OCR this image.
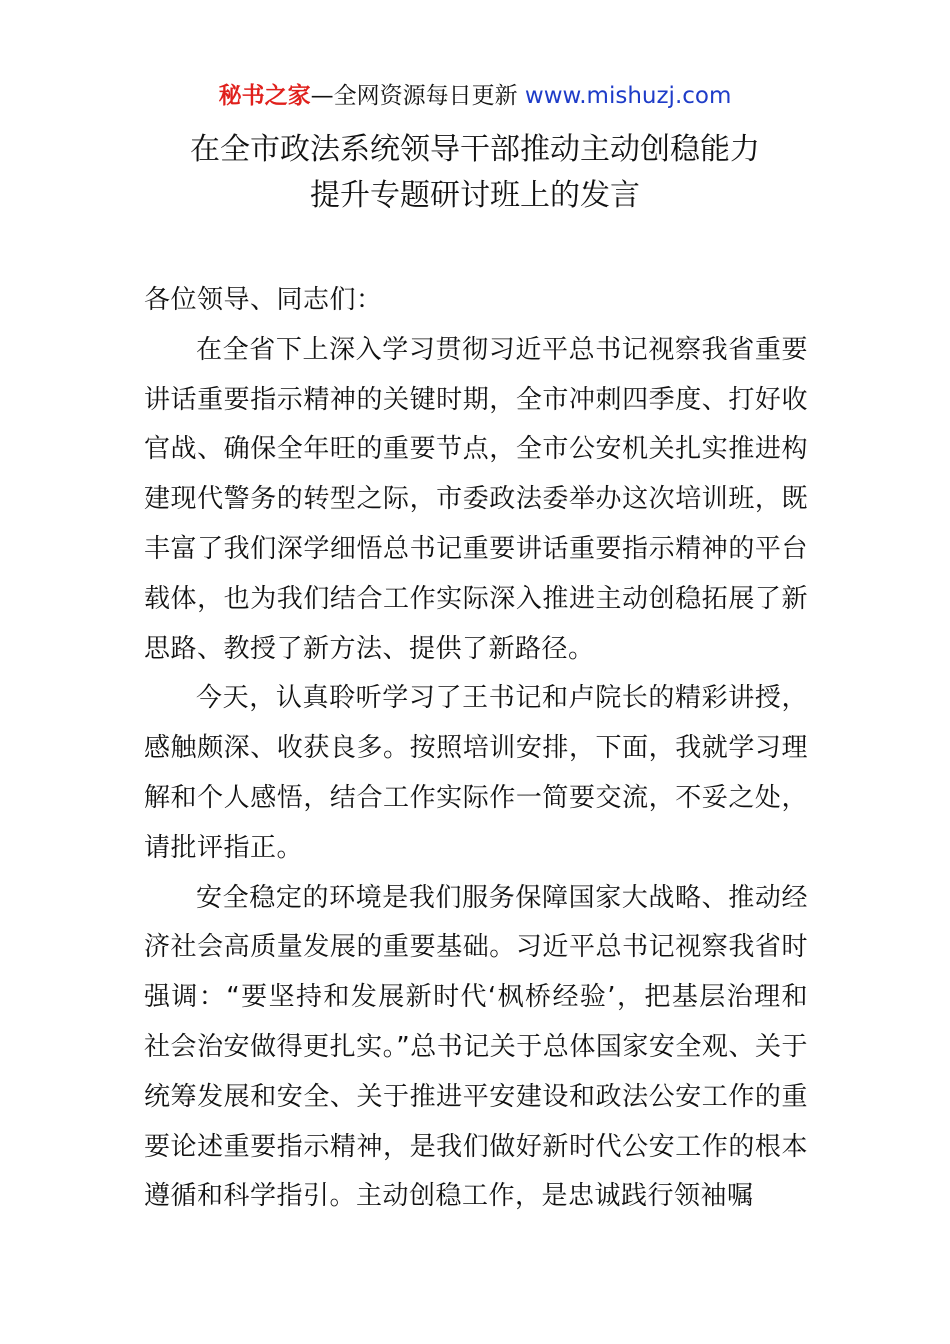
秘书之家—全网资源每日更新 www.mishuzj.com
在全市政法系统领导干部推动主动创稳能力
提升专题研讨班上的发言

各位领导、同志们：

在全省下上深入学习贯彻习近平总书记视察我省重要讲话重要指示精神的关键时期，全市冲刺四季度、打好收官战、确保全年旺的重要节点，全市公安机关扎实推进构建现代警务的转型之际，市委政法委举办这次培训班，既丰富了我们深学细悟总书记重要讲话重要指示精神的平台载体，也为我们结合工作实际深入推进主动创稳拓展了新思路、教授了新方法、提供了新路径。

今天，认真聆听学习了王书记和卢院长的精彩讲授，感触颇深、收获良多。按照培训安排，下面，我就学习理解和个人感悟，结合工作实际作一简要交流，不妥之处，请批评指正。

安全稳定的环境是我们服务保障国家大战略、推动经济社会高质量发展的重要基础。习近平总书记视察我省时强调：“要坚持和发展新时代‘枫桥经验’，把基层治理和社会治安做得更扎实。”总书记关于总体国家安全观、关于统筹发展和安全、关于推进平安建设和政法公安工作的重要论述重要指示精神，是我们做好新时代公安工作的根本遵循和科学指引。主动创稳工作，是忠诚践行领袖嘱
